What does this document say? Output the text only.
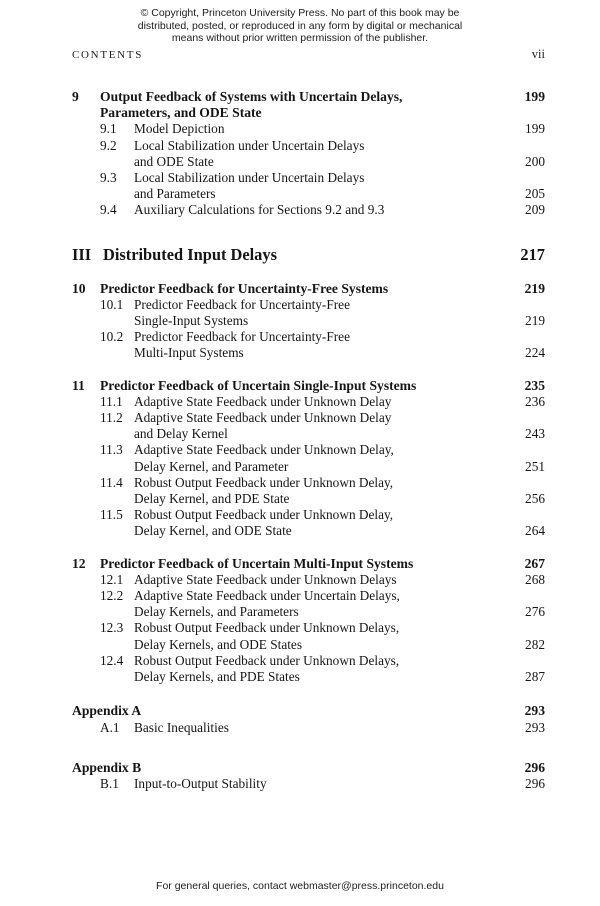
© Copyright, Princeton University Press. No part of this book may be
distributed, posted, or reproduced in any form by digital or mechanical
means without prior written permission of the publisher.
CONTENTS	vii
9	Output Feedback of Systems with Uncertain Delays,	199
Parameters, and ODE State
9.1	Model Depiction	199
9.2	Local Stabilization under Uncertain Delays
and ODE State	200
9.3	Local Stabilization under Uncertain Delays
and Parameters	205
9.4	Auxiliary Calculations for Sections 9.2 and 9.3	209
III Distributed Input Delays	217
10	Predictor Feedback for Uncertainty-Free Systems	219
10.1 Predictor Feedback for Uncertainty-Free
Single-Input Systems	219
10.2 Predictor Feedback for Uncertainty-Free
Multi-Input Systems	224
11	Predictor Feedback of Uncertain Single-Input Systems	235
11.1 Adaptive State Feedback under Unknown Delay	236
11.2 Adaptive State Feedback under Unknown Delay
and Delay Kernel	243
11.3 Adaptive State Feedback under Unknown Delay,
Delay Kernel, and Parameter	251
11.4 Robust Output Feedback under Unknown Delay,
Delay Kernel, and PDE State	256
11.5 Robust Output Feedback under Unknown Delay,
Delay Kernel, and ODE State	264
12	Predictor Feedback of Uncertain Multi-Input Systems	267
12.1 Adaptive State Feedback under Unknown Delays	268
12.2 Adaptive State Feedback under Uncertain Delays,
Delay Kernels, and Parameters	276
12.3 Robust Output Feedback under Unknown Delays,
Delay Kernels, and ODE States	282
12.4 Robust Output Feedback under Unknown Delays,
Delay Kernels, and PDE States	287
Appendix A	293
A.1	Basic Inequalities	293
Appendix B	296
B.1	Input-to-Output Stability	296
For general queries, contact webmaster@press.princeton.edu
